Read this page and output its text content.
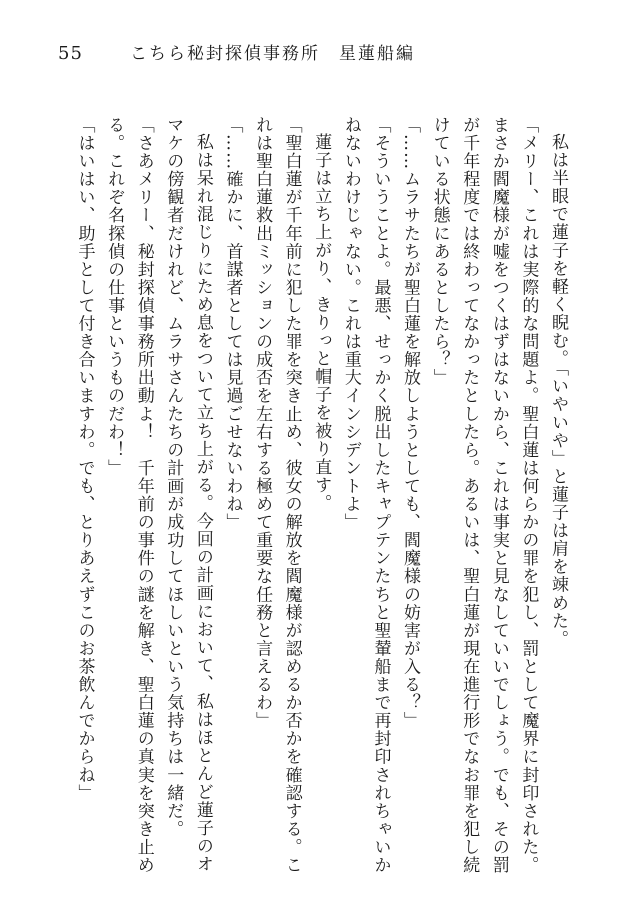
55	こちら秘封探偵事務所　星蓮船編

私は半眼で蓮子を軽く睨む。「いやいや」と蓮子は肩を竦めた。

「メリー、これは実際的な問題よ。聖白蓮は何らかの罪を犯し、罰として魔界に封印された。まさか閻魔様が嘘をつくはずはないから、これは事実と見なしていいでしょう。でも、その罰が千年程度では終わってなかったとしたら。あるいは、聖白蓮が現在進行形でなお罪を犯し続けている状態にあるとしたら？」

「……ムラサたちが聖白蓮を解放しようとしても、閻魔様の妨害が入る？」

「そういうことよ。最悪、せっかく脱出したキャプテンたちと聖輦船まで再封印されちゃいかねないわけじゃない。これは重大インシデントよ」

蓮子は立ち上がり、きりっと帽子を被り直す。

「聖白蓮が千年前に犯した罪を突き止め、彼女の解放を閻魔様が認めるか否かを確認する。これは聖白蓮救出ミッションの成否を左右する極めて重要な任務と言えるわ」

「……確かに、首謀者としては見過ごせないわね」

私は呆れ混じりにため息をついて立ち上がる。今回の計画において、私はほとんど蓮子のオマケの傍観者だけれど、ムラサさんたちの計画が成功してほしいという気持ちは一緒だ。

「さあメリー、秘封探偵事務所出動よ！　千年前の事件の謎を解き、聖白蓮の真実を突き止める。これぞ名探偵の仕事というものだわ！」

「はいはい、助手として付き合いますわ。でも、とりあえずこのお茶飲んでからね」
